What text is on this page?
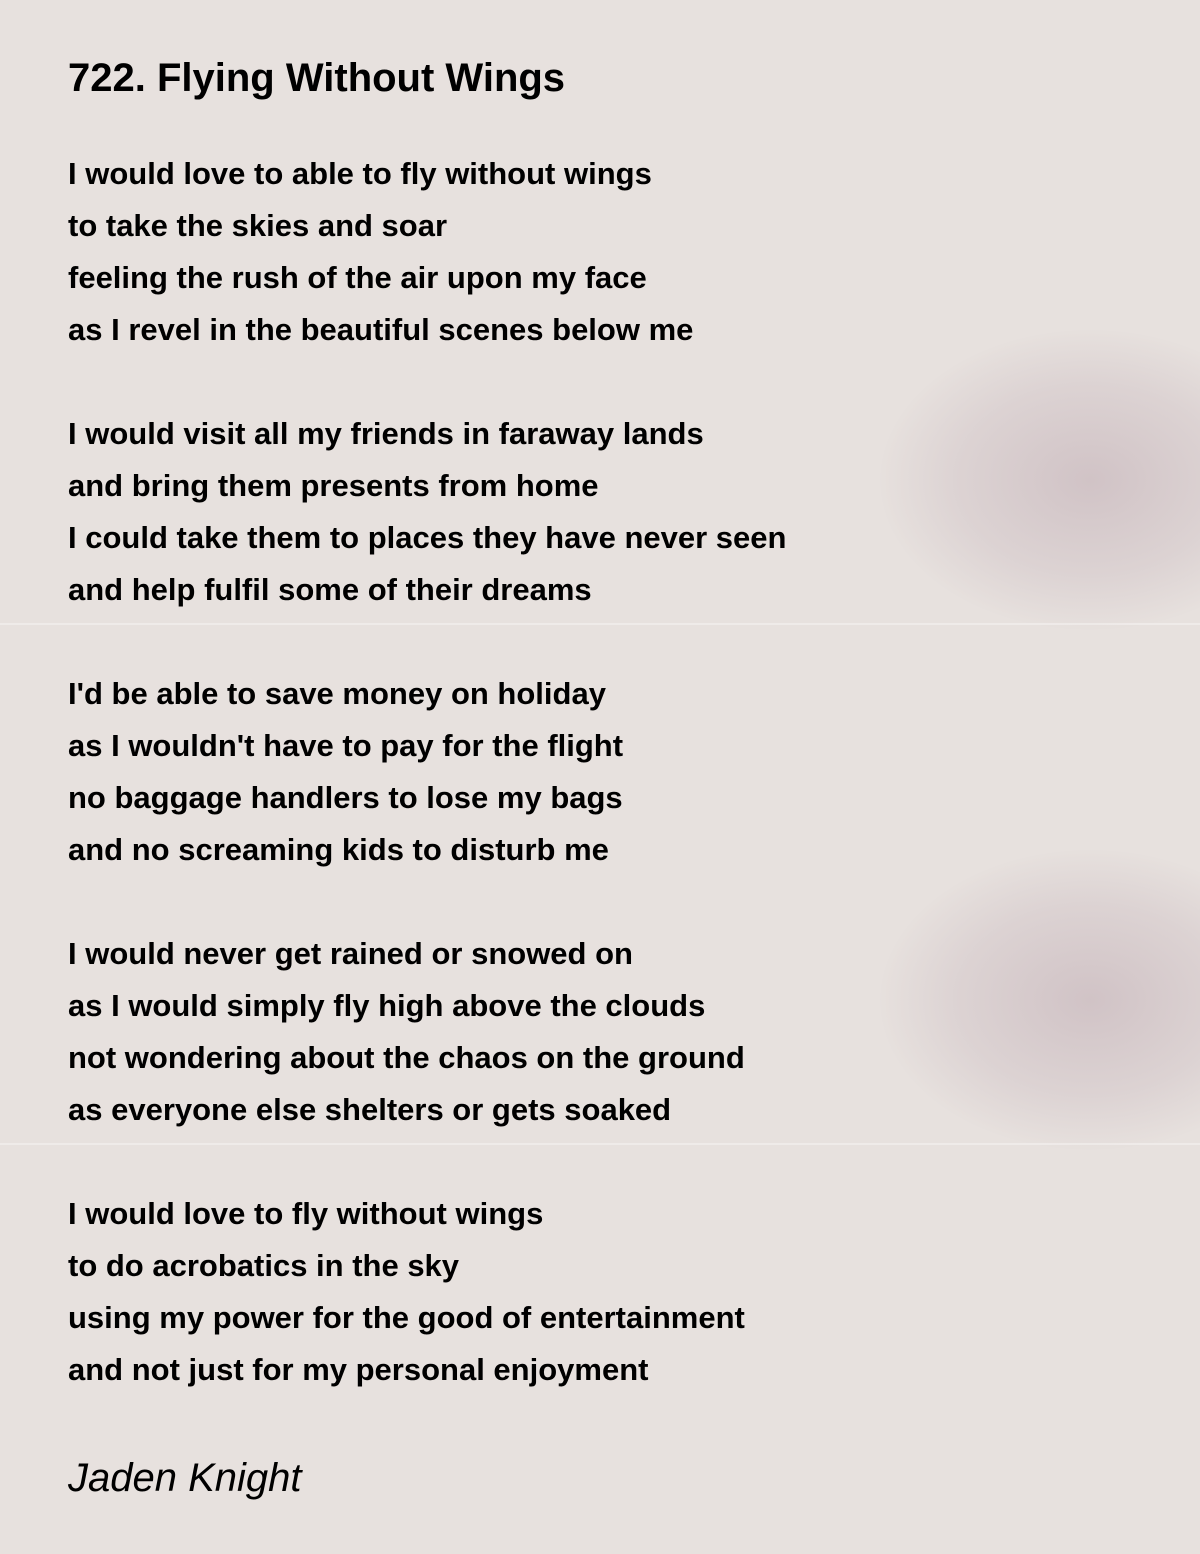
722. Flying Without Wings
I would love to able to fly without wings
to take the skies and soar
feeling the rush of the air upon my face
as I revel in the beautiful scenes below me
I would visit all my friends in faraway lands
and bring them presents from home
I could take them to places they have never seen
and help fulfil some of their dreams
I'd be able to save money on holiday
as I wouldn't have to pay for the flight
no baggage handlers to lose my bags
and no screaming kids to disturb me
I would never get rained or snowed on
as I would simply fly high above the clouds
not wondering about the chaos on the ground
as everyone else shelters or gets soaked
I would love to fly without wings
to do acrobatics in the sky
using my power for the good of entertainment
and not just for my personal enjoyment
Jaden Knight
